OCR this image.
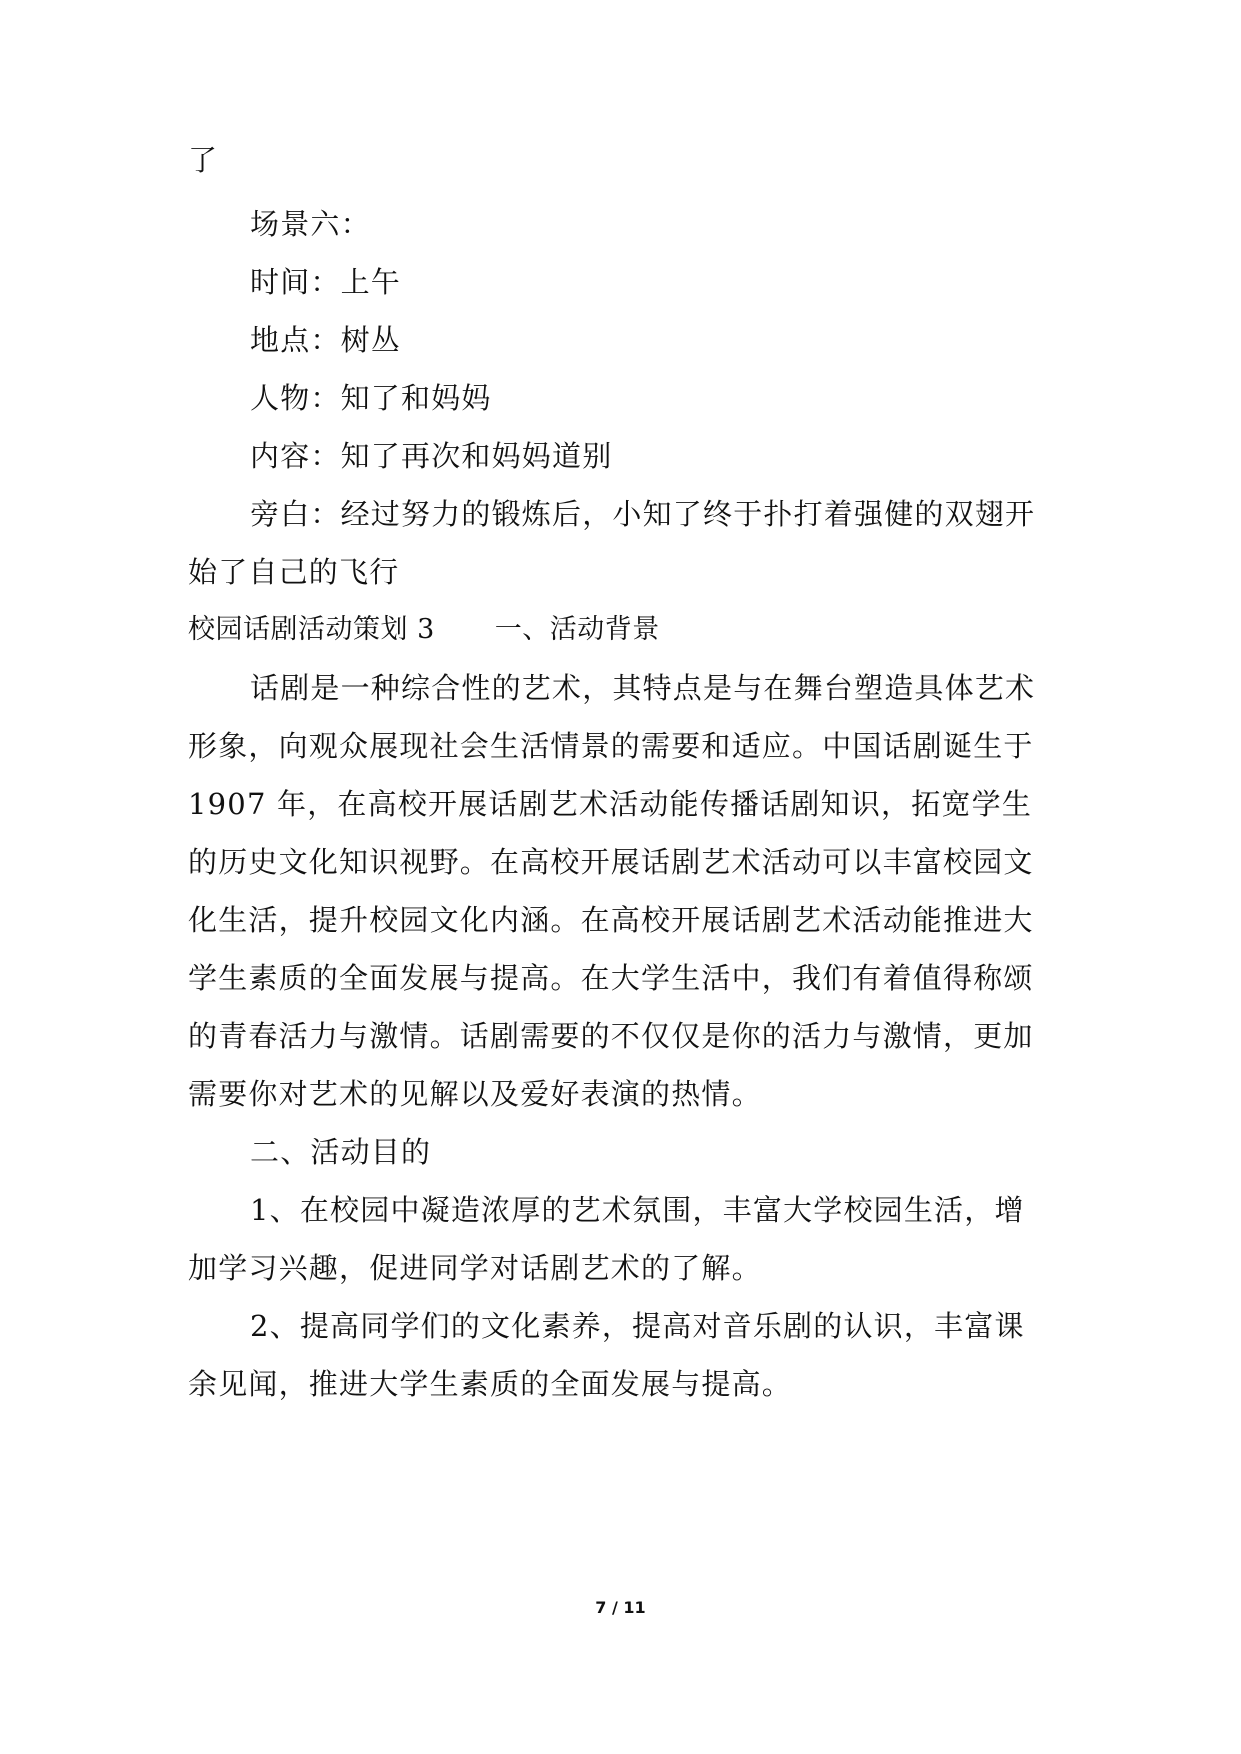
了
场景六：
时间：上午
地点：树丛
人物：知了和妈妈
内容：知了再次和妈妈道别
旁白：经过努力的锻炼后，小知了终于扑打着强健的双翅开
始了自己的飞行
校园话剧活动策划 3 一、活动背景
话剧是一种综合性的艺术，其特点是与在舞台塑造具体艺术
形象，向观众展现社会生活情景的需要和适应。中国话剧诞生于
1907 年，在高校开展话剧艺术活动能传播话剧知识，拓宽学生
的历史文化知识视野。在高校开展话剧艺术活动可以丰富校园文
化生活，提升校园文化内涵。在高校开展话剧艺术活动能推进大
学生素质的全面发展与提高。在大学生活中，我们有着值得称颂
的青春活力与激情。话剧需要的不仅仅是你的活力与激情，更加
需要你对艺术的见解以及爱好表演的热情。
二、活动目的
1、在校园中凝造浓厚的艺术氛围，丰富大学校园生活，增
加学习兴趣，促进同学对话剧艺术的了解。
2、提高同学们的文化素养，提高对音乐剧的认识，丰富课
余见闻，推进大学生素质的全面发展与提高。
7 / 11
